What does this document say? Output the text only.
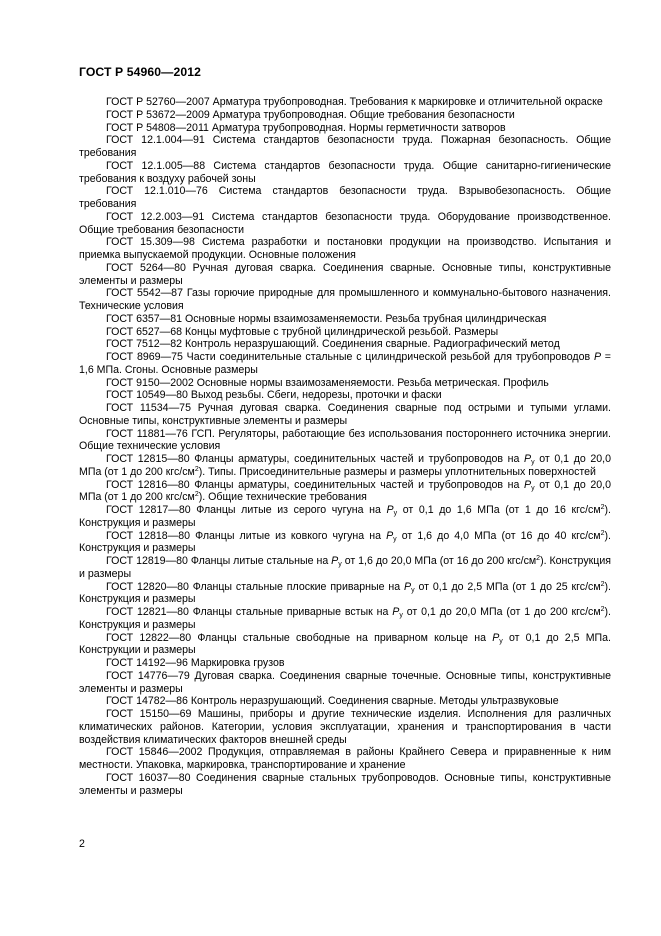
ГОСТ Р 54960—2012
ГОСТ Р 52760—2007 Арматура трубопроводная. Требования к маркировке и отличительной окраске
ГОСТ Р 53672—2009 Арматура трубопроводная. Общие требования безопасности
ГОСТ Р 54808—2011 Арматура трубопроводная. Нормы герметичности затворов
ГОСТ 12.1.004—91 Система стандартов безопасности труда. Пожарная безопасность. Общие требования
ГОСТ 12.1.005—88 Система стандартов безопасности труда. Общие санитарно-гигиенические требования к воздуху рабочей зоны
ГОСТ 12.1.010—76 Система стандартов безопасности труда. Взрывобезопасность. Общие требования
ГОСТ 12.2.003—91 Система стандартов безопасности труда. Оборудование производственное. Общие требования безопасности
ГОСТ 15.309—98 Система разработки и постановки продукции на производство. Испытания и приемка выпускаемой продукции. Основные положения
ГОСТ 5264—80 Ручная дуговая сварка. Соединения сварные. Основные типы, конструктивные элементы и размеры
ГОСТ 5542—87 Газы горючие природные для промышленного и коммунально-бытового назначения. Технические условия
ГОСТ 6357—81 Основные нормы взаимозаменяемости. Резьба трубная цилиндрическая
ГОСТ 6527—68 Концы муфтовые с трубной цилиндрической резьбой. Размеры
ГОСТ 7512—82 Контроль неразрушающий. Соединения сварные. Радиографический метод
ГОСТ 8969—75 Части соединительные стальные с цилиндрической резьбой для трубопроводов P = 1,6 МПа. Сгоны. Основные размеры
ГОСТ 9150—2002 Основные нормы взаимозаменяемости. Резьба метрическая. Профиль
ГОСТ 10549—80 Выход резьбы. Сбеги, недорезы, проточки и фаски
ГОСТ 11534—75 Ручная дуговая сварка. Соединения сварные под острыми и тупыми углами. Основные типы, конструктивные элементы и размеры
ГОСТ 11881—76 ГСП. Регуляторы, работающие без использования постороннего источника энергии. Общие технические условия
ГОСТ 12815—80 Фланцы арматуры, соединительных частей и трубопроводов на $P_y$ от 0,1 до 20,0 МПа (от 1 до 200 кгс/$см^2$). Типы. Присоединительные размеры и размеры уплотнительных поверхностей
ГОСТ 12816—80 Фланцы арматуры, соединительных частей и трубопроводов на $P_y$ от 0,1 до 20,0 МПа (от 1 до 200 кгс/$см^2$). Общие технические требования
ГОСТ 12817—80 Фланцы литые из серого чугуна на $P_y$ от 0,1 до 1,6 МПа (от 1 до 16 кгс/$см^2$). Конструкция и размеры
ГОСТ 12818—80 Фланцы литые из ковкого чугуна на $P_y$ от 1,6 до 4,0 МПа (от 16 до 40 кгс/$см^2$). Конструкция и размеры
ГОСТ 12819—80 Фланцы литые стальные на $P_y$ от 1,6 до 20,0 МПа (от 16 до 200 кгс/$см^2$). Конструкция и размеры
ГОСТ 12820—80 Фланцы стальные плоские приварные на $P_y$ от 0,1 до 2,5 МПа (от 1 до 25 кгс/$см^2$). Конструкция и размеры
ГОСТ 12821—80 Фланцы стальные приварные встык на $P_y$ от 0,1 до 20,0 МПа (от 1 до 200 кгс/$см^2$). Конструкция и размеры
ГОСТ 12822—80 Фланцы стальные свободные на приварном кольце на $P_y$ от 0,1 до 2,5 МПа. Конструкции и размеры
ГОСТ 14192—96 Маркировка грузов
ГОСТ 14776—79 Дуговая сварка. Соединения сварные точечные. Основные типы, конструктивные элементы и размеры
ГОСТ 14782—86 Контроль неразрушающий. Соединения сварные. Методы ультразвуковые
ГОСТ 15150—69 Машины, приборы и другие технические изделия. Исполнения для различных климатических районов. Категории, условия эксплуатации, хранения и транспортирования в части воздействия климатических факторов внешней среды
ГОСТ 15846—2002 Продукция, отправляемая в районы Крайнего Севера и приравненные к ним местности. Упаковка, маркировка, транспортирование и хранение
ГОСТ 16037—80 Соединения сварные стальных трубопроводов. Основные типы, конструктивные элементы и размеры
2
